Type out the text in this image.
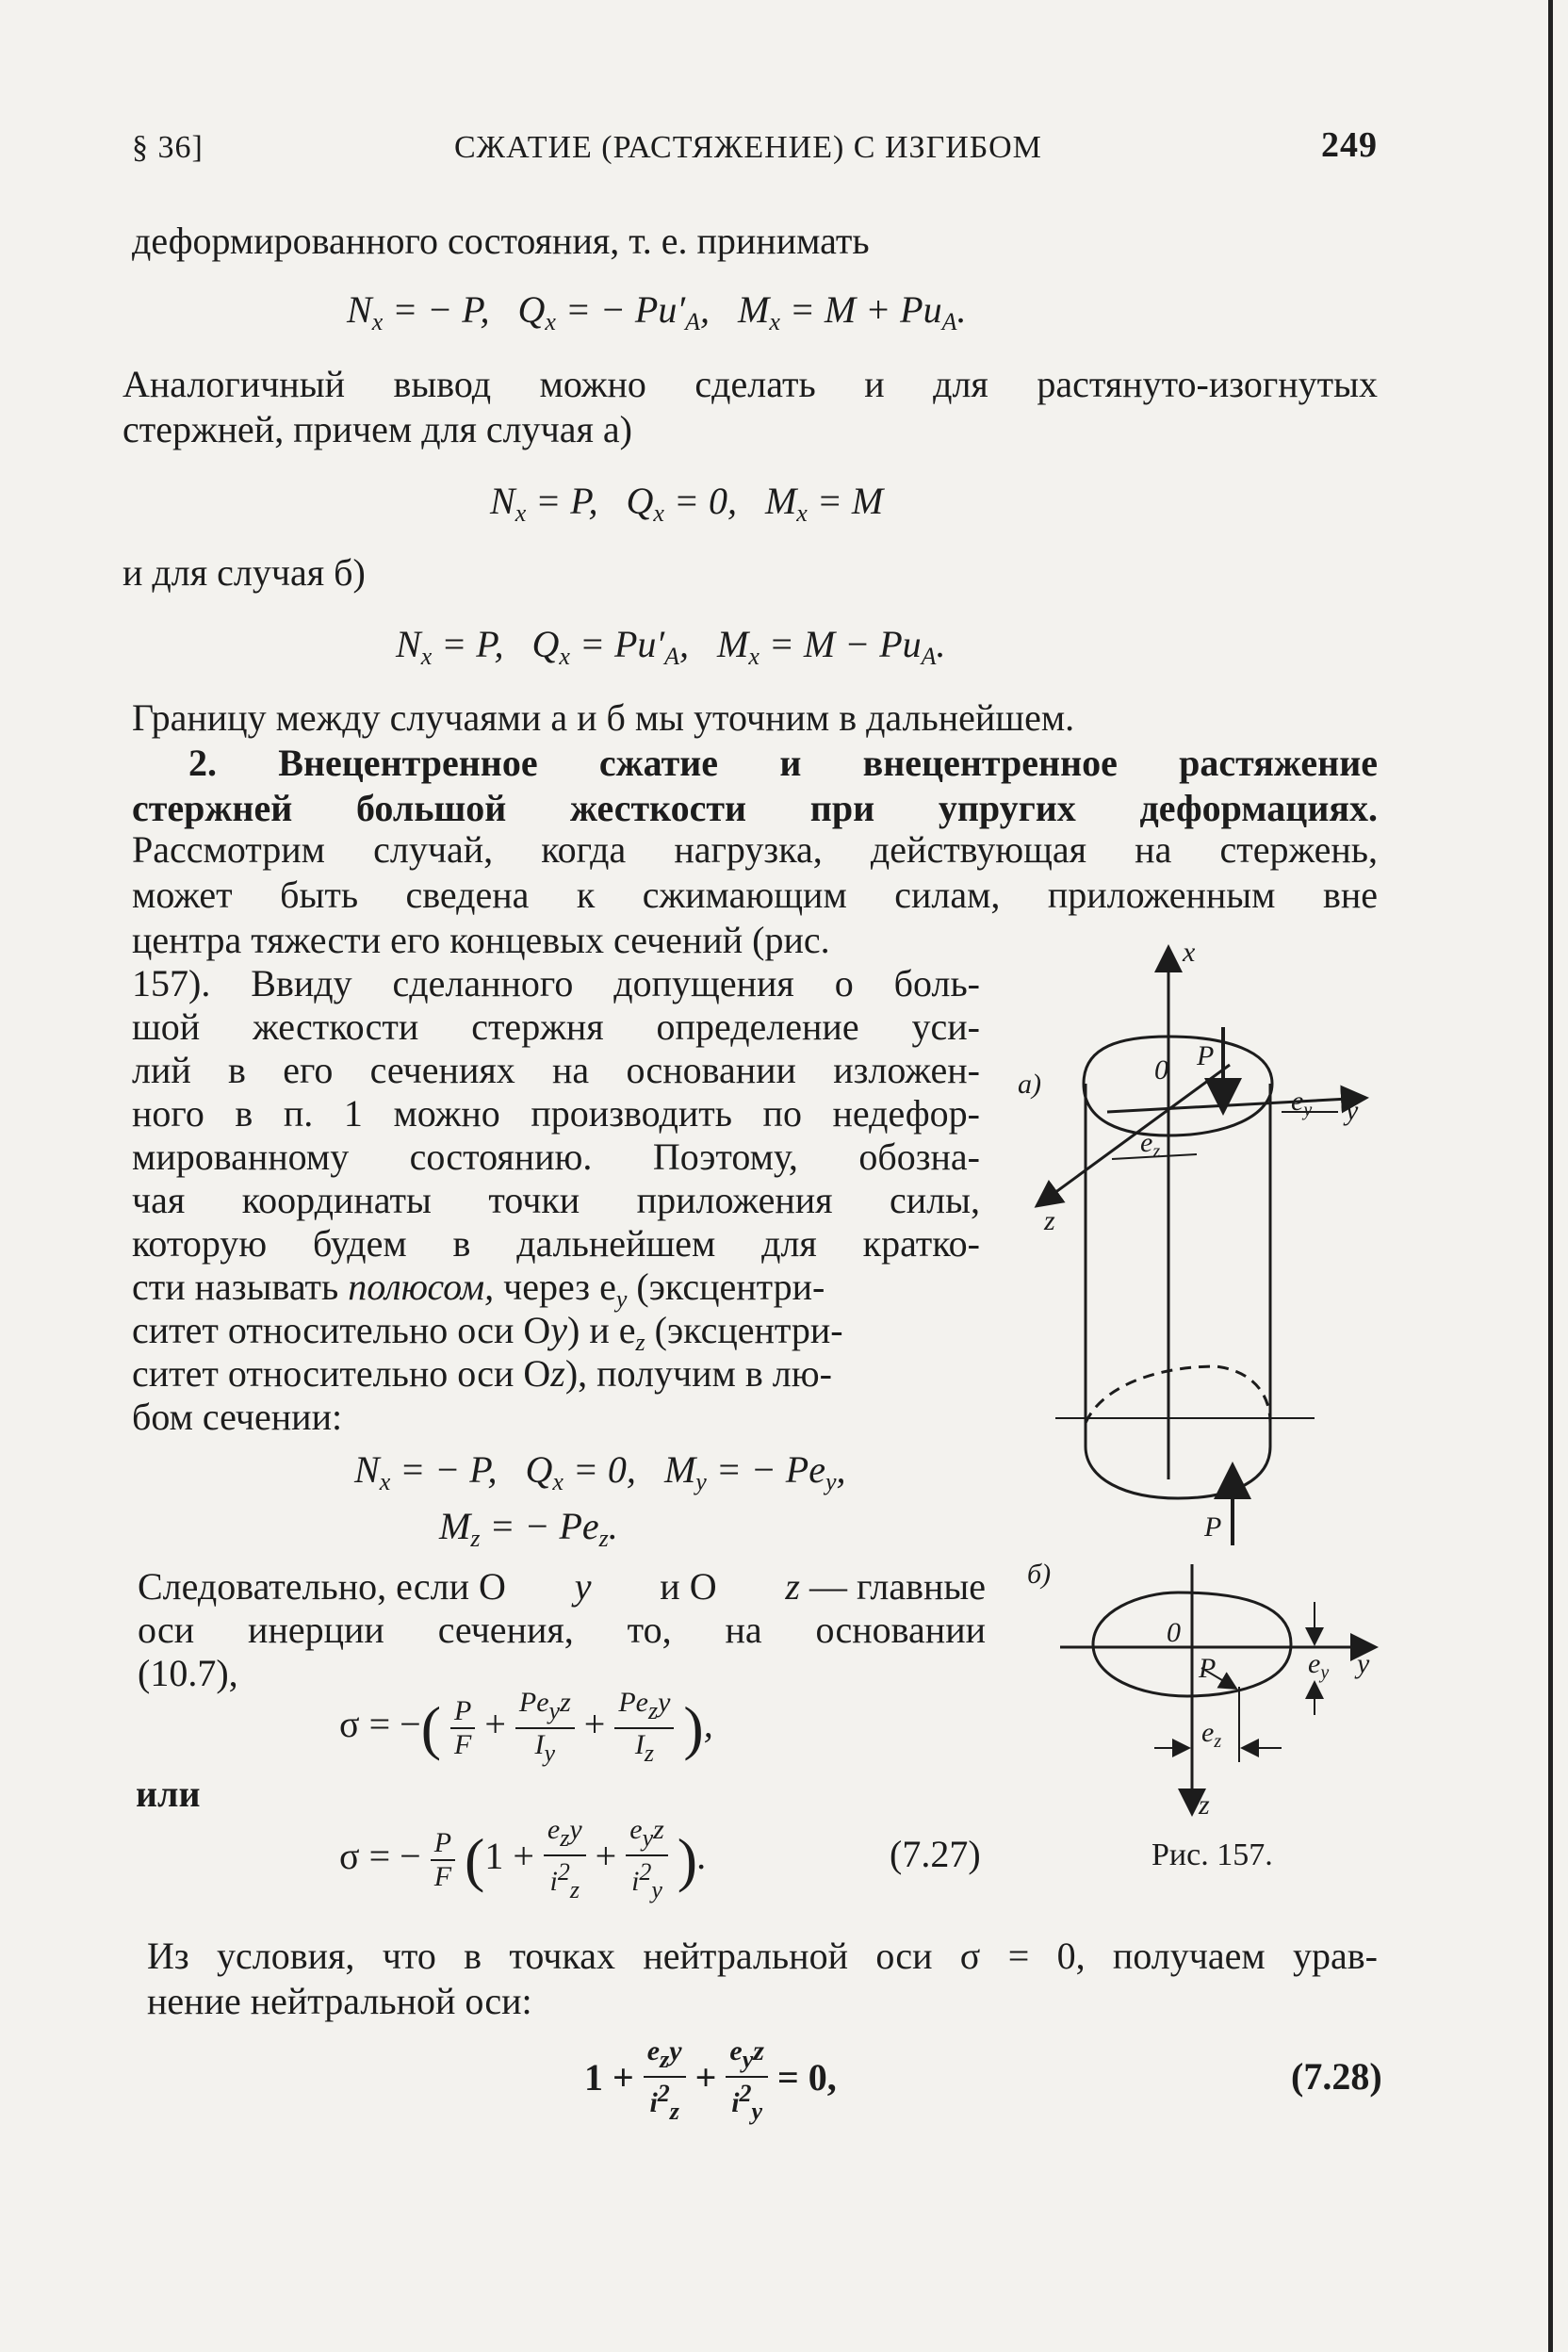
§ 36]	СЖАТИЕ (РАСТЯЖЕНИЕ) С ИЗГИБОМ	249
деформированного состояния, т. е. принимать
$N_x$ = − P, $Q_x$ = − $Pu'_A$, $M_x = M + Pu_A$.
Аналогичный вывод можно сделать и для растянуто-изогнутых
стержней, причем для случая а)
$N_x = P$, $Q_x = 0$, $M_x = M$
и для случая б)
$N_x = P$, $Q_x = Pu'_A$, $M_x = M - Pu_A$.
Границу между случаями а и б мы уточним в дальнейшем.
2. Внецентренное сжатие и внецентренное растяжение
стержней большой жесткости при упругих деформациях.
Рассмотрим случай, когда нагрузка, действующая на стержень,
может быть сведена к сжимающим силам, приложенным вне
центра тяжести его концевых сечений (рис.
157). Ввиду сделанного допущения о боль-
шой жесткости стержня определение уси-
лий в его сечениях на основании изложен-
ного в п. 1 можно производить по недефор-
мированному состоянию. Поэтому, обозна-
чая координаты точки приложения силы,
которую будем в дальнейшем для кратко-
сти называть полюсом, через $e_y$ (эксцентри-
ситет относительно оси Oy) и $e_z$ (эксцентри-
ситет относительно оси Oz), получим в лю-
бом сечении:
$N_x$ = − P, $Q_x = 0$, $M_y$ = − $Pe_y$,
$M_z$ = − $Pe_z$.
Следовательно, если O y и O z — главные
оси инерции сечения, то, на основании
(10.7),
σ = −( $\frac{P}{F} + \frac{Pe_yz}{I_y} + \frac{Pe_zy}{I_z}$ ),
или
σ = − $\frac{P}{F} (1 + \frac{e_zy}{i^2_z} + \frac{e_yz}{i^2_y}$ ).	(7.27)
Из условия, что в точках нейтральной оси σ = 0, получаем урав-
нение нейтральной оси:
$1 + \frac{e_zy}{i^2_z} + \frac{e_yz}{i^2_y} = 0$,	(7.28)
x
y
z
а)	0 P
$e_y$
$e_z$
P
б)
0
P	y
z
$e_y$
$e_z$
Рис. 157.
